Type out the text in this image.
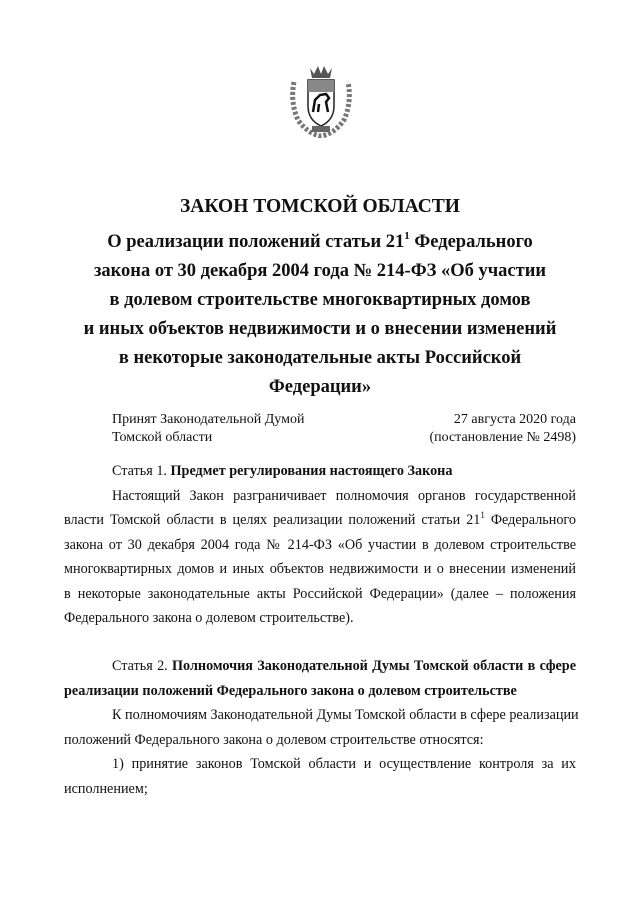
ЗАКОН ТОМСКОЙ ОБЛАСТИ
О реализации положений статьи $21^1$ Федерального
закона от 30 декабря 2004 года № 214-ФЗ «Об участии
в долевом строительстве многоквартирных домов
и иных объектов недвижимости и о внесении изменений
в некоторые законодательные акты Российской
Федерации»
Принят Законодательной Думой
Томской области
27 августа 2020 года
(постановление № 2498)
Статья 1. Предмет регулирования настоящего Закона
Настоящий Закон разграничивает полномочия органов государственной
власти Томской области в целях реализации положений статьи $21^1$ Федерального
закона от 30 декабря 2004 года № 214-ФЗ «Об участии в долевом строительстве
многоквартирных домов и иных объектов недвижимости и о внесении изменений
в некоторые законодательные акты Российской Федерации» (далее – положения
Федерального закона о долевом строительстве).
Статья 2. Полномочия Законодательной Думы Томской области в сфере
реализации положений Федерального закона о долевом строительстве
К полномочиям Законодательной Думы Томской области в сфере реализации
положений Федерального закона о долевом строительстве относятся:
1) принятие законов Томской области и осуществление контроля за их
исполнением;
